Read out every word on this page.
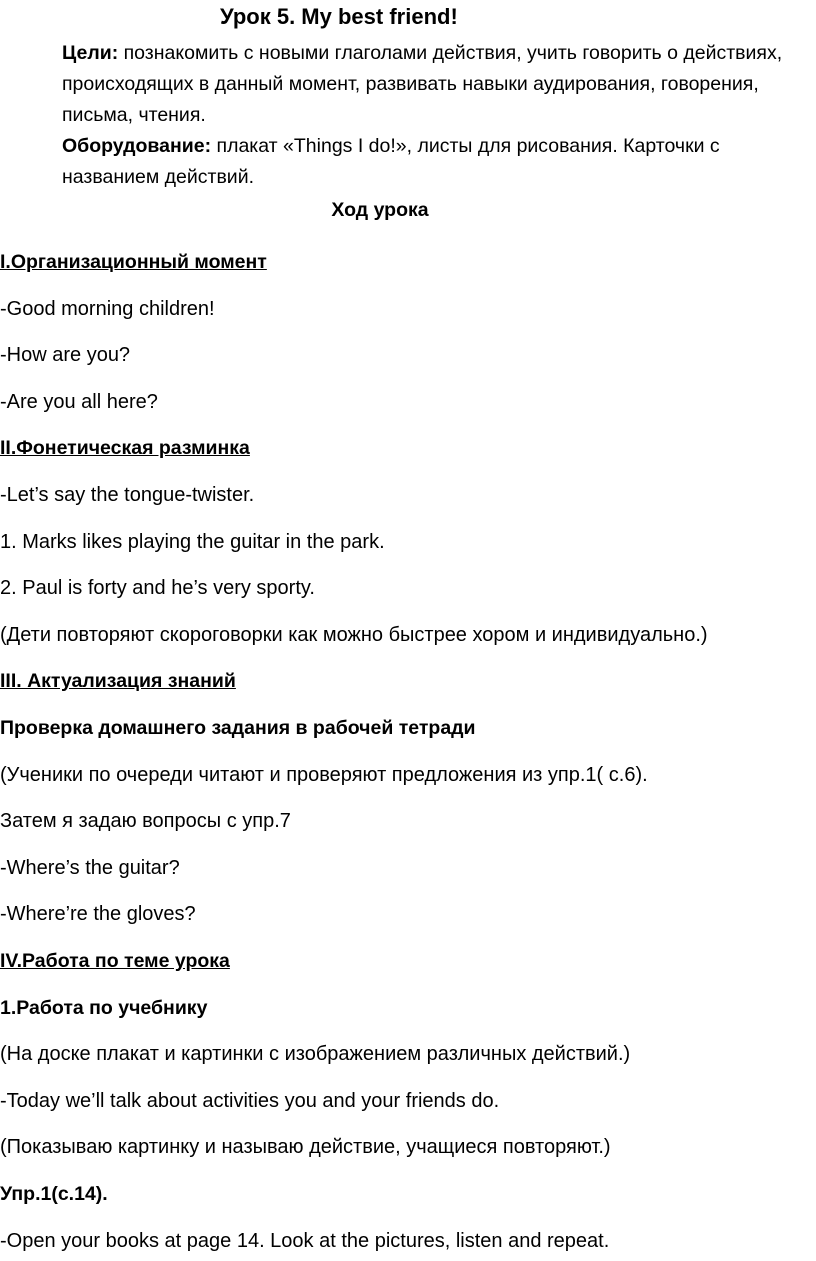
Урок 5. My best friend!

Цели: познакомить с новыми глаголами действия, учить говорить о действиях, происходящих в данный момент, развивать навыки аудирования, говорения, письма, чтения.

Оборудование: плакат «Things I do!», листы для рисования. Карточки с названием действий.

Ход урока
I.Организационный момент
-Good morning children!
-How are you?
-Are you all here?
II.Фонетическая разминка
-Let’s say the tongue-twister.
1. Marks likes playing the guitar in the park.
2. Paul is forty and he’s very sporty.
(Дети повторяют скороговорки как можно быстрее хором и индивидуально.)
III. Актуализация знаний
Проверка домашнего задания в рабочей тетради
(Ученики по очереди читают и проверяют предложения из упр.1( с.6).
Затем я задаю вопросы с упр.7
-Where’s the guitar?
-Where’re the gloves?
IV.Работа по теме урока
1.Работа по учебнику
(На доске плакат и картинки с изображением различных действий.)
-Today we’ll talk about activities you and your friends do.
(Показываю картинку и называю действие, учащиеся повторяют.)
Упр.1(с.14).
-Open your books at page 14. Look at the pictures, listen and repeat.
